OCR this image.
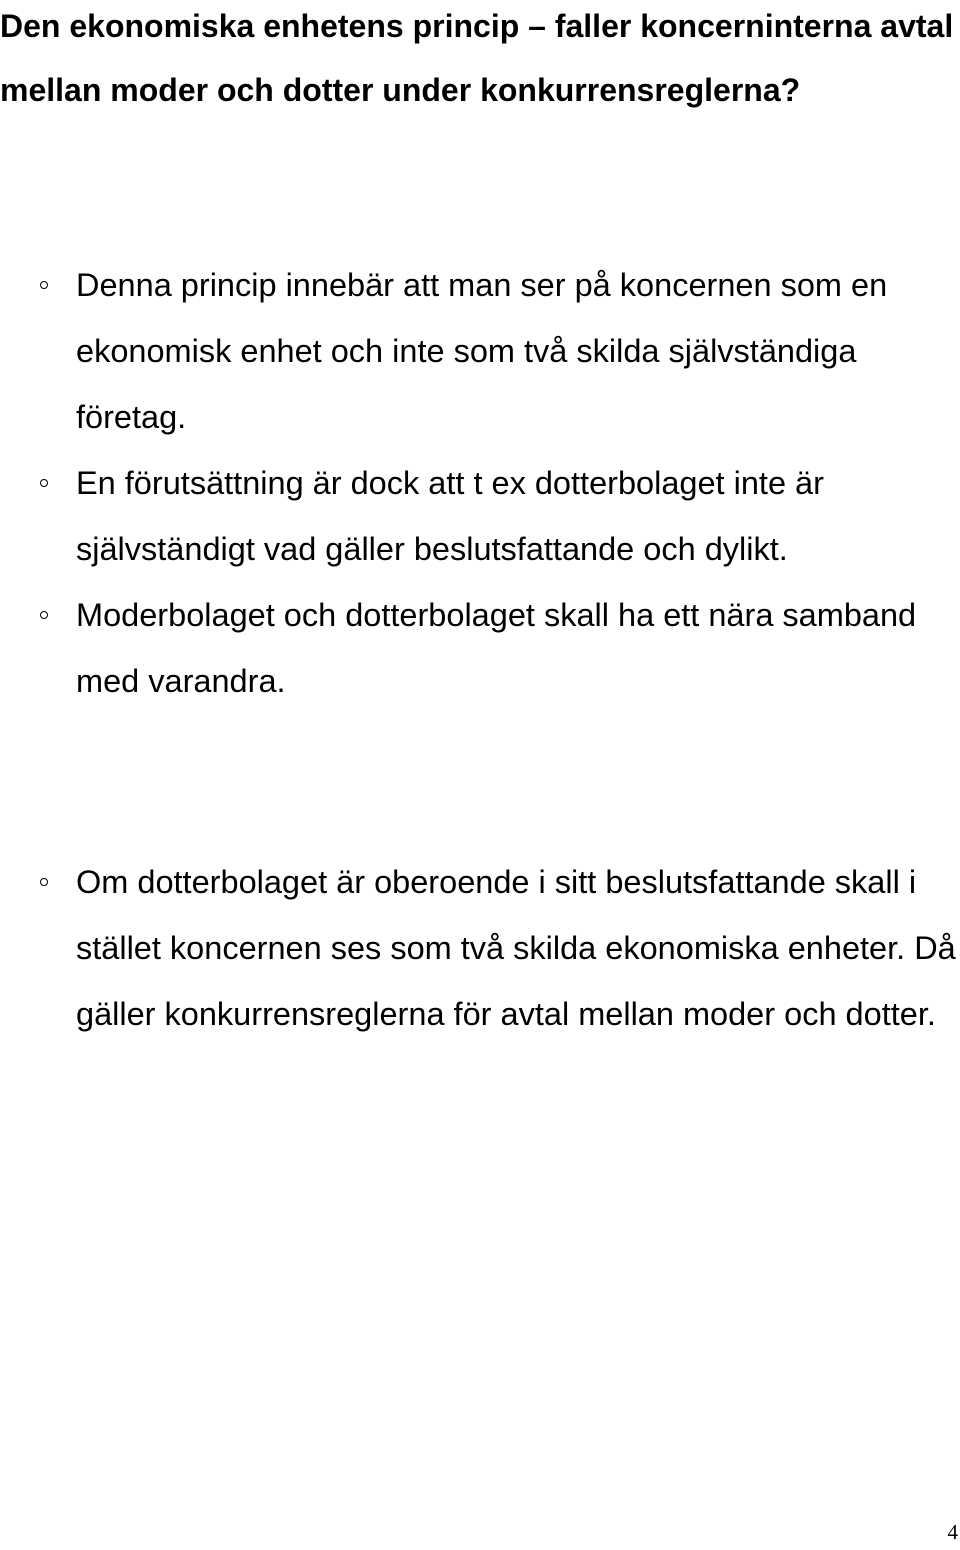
Den ekonomiska enhetens princip – faller koncerninterna avtal mellan moder och dotter under konkurrensreglerna?
Denna princip innebär att man ser på koncernen som en ekonomisk enhet och inte som två skilda självständiga företag.
En förutsättning är dock att t ex dotterbolaget inte är självständigt vad gäller beslutsfattande och dylikt.
Moderbolaget och dotterbolaget skall ha ett nära samband med varandra.
Om dotterbolaget är oberoende i sitt beslutsfattande skall i stället koncernen ses som två skilda ekonomiska enheter. Då gäller konkurrensreglerna för avtal mellan moder och dotter.
4
